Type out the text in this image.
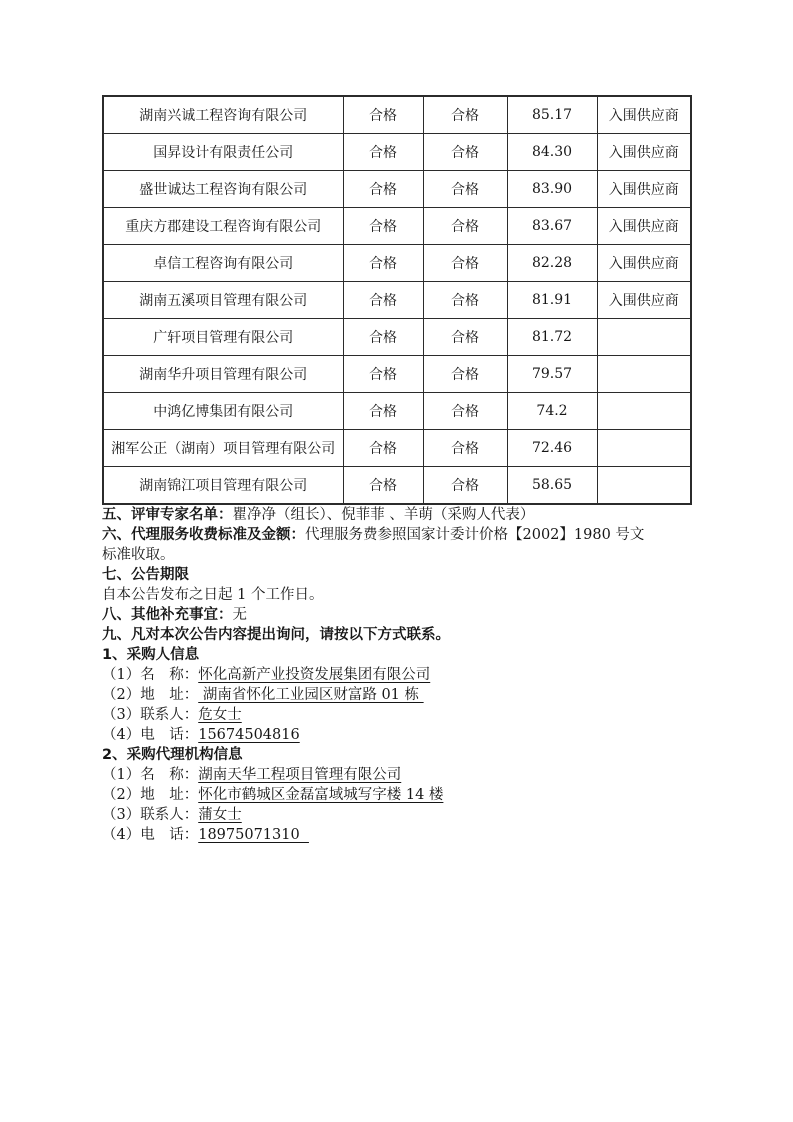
湖南兴诚工程咨询有限公司	合格	合格	85.17	入围供应商
国昇设计有限责任公司	合格	合格	84.30	入围供应商
盛世诚达工程咨询有限公司	合格	合格	83.90	入围供应商
重庆方郡建设工程咨询有限公司	合格	合格	83.67	入围供应商
卓信工程咨询有限公司	合格	合格	82.28	入围供应商
湖南五溪项目管理有限公司	合格	合格	81.91	入围供应商
广轩项目管理有限公司	合格	合格	81.72	
湖南华升项目管理有限公司	合格	合格	79.57	
中鸿亿博集团有限公司	合格	合格	74.2	
湘军公正（湖南）项目管理有限公司	合格	合格	72.46	
湖南锦江项目管理有限公司	合格	合格	58.65	

五、评审专家名单：瞿净净（组长）、倪菲菲 、羊萌（采购人代表）

六、代理服务收费标准及金额：代理服务费参照国家计委计价格【2002】1980 号文

标准收取。

七、公告期限

自本公告发布之日起 1 个工作日。

八、其他补充事宜：无

九、凡对本次公告内容提出询问，请按以下方式联系。

1、采购人信息

（1）名　称：怀化高新产业投资发展集团有限公司

（2）地　址： 湖南省怀化工业园区财富路 01 栋

（3）联系人：危女士

（4）电　话：15674504816

2、采购代理机构信息

（1）名　称：湖南天华工程项目管理有限公司

（2）地　址：怀化市鹤城区金磊富域城写字楼 14 楼

（3）联系人：蒲女士

（4）电　话：18975071310
